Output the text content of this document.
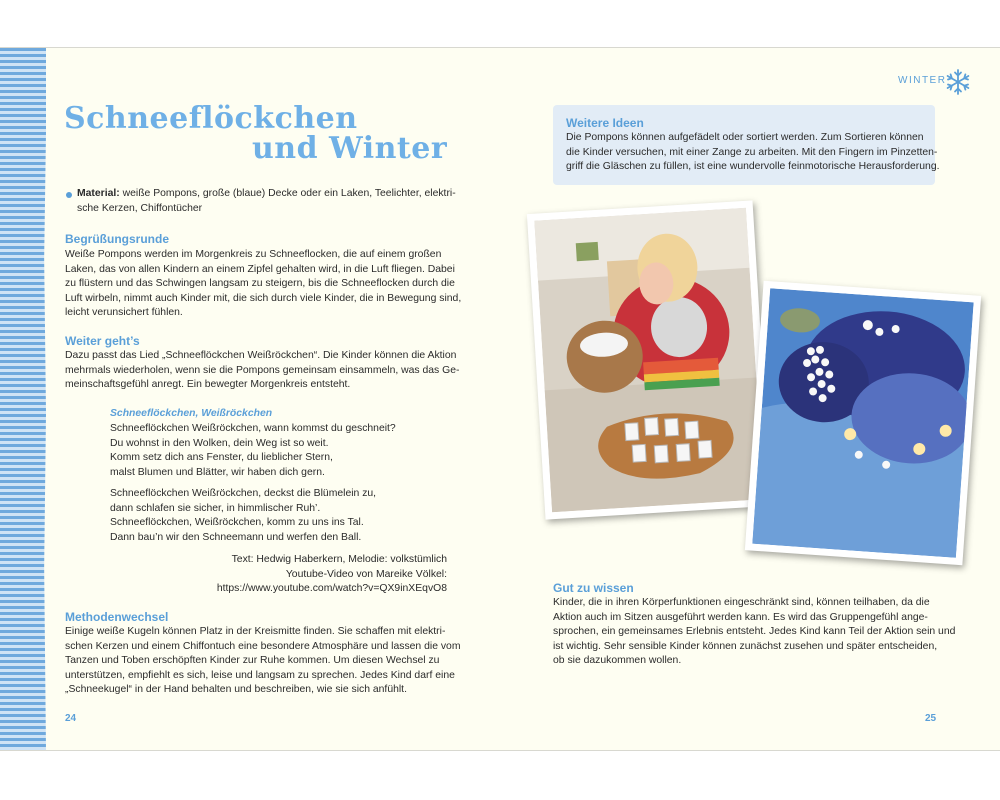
Schneeflöckchen
und Winter

Material: weiße Pompons, große (blaue) Decke oder ein Laken, Teelichter, elektri-

sche Kerzen, Chiffontücher

Begrüßungsrunde

Weiße Pompons werden im Morgenkreis zu Schneeflocken, die auf einem großen

Laken, das von allen Kindern an einem Zipfel gehalten wird, in die Luft fliegen. Dabei

zu flüstern und das Schwingen langsam zu steigern, bis die Schneeflocken durch die

Luft wirbeln, nimmt auch Kinder mit, die sich durch viele Kinder, die in Bewegung sind,

leicht verunsichert fühlen.

Weiter geht’s

Dazu passt das Lied „Schneeflöckchen Weißröckchen“. Die Kinder können die Aktion

mehrmals wiederholen, wenn sie die Pompons gemeinsam einsammeln, was das Ge-

meinschaftsgefühl anregt. Ein bewegter Morgenkreis entsteht.

Schneeflöckchen, Weißröckchen

Schneeflöckchen Weißröckchen, wann kommst du geschneit?

Du wohnst in den Wolken, dein Weg ist so weit.

Komm setz dich ans Fenster, du lieblicher Stern,

malst Blumen und Blätter, wir haben dich gern.

Schneeflöckchen Weißröckchen, deckst die Blümelein zu,

dann schlafen sie sicher, in himmlischer Ruh’.

Schneeflöckchen, Weißröckchen, komm zu uns ins Tal.

Dann bau’n wir den Schneemann und werfen den Ball.

Text: Hedwig Haberkern, Melodie: volkstümlich

Youtube-Video von Mareike Völkel:

https://www.youtube.com/watch?v=QX9inXEqvO8

Methodenwechsel

Einige weiße Kugeln können Platz in der Kreismitte finden. Sie schaffen mit elektri-

schen Kerzen und einem Chiffontuch eine besondere Atmosphäre und lassen die vom

Tanzen und Toben erschöpften Kinder zur Ruhe kommen. Um diesen Wechsel zu

unterstützen, empfiehlt es sich, leise und langsam zu sprechen. Jedes Kind darf eine

„Schneekugel“ in der Hand behalten und beschreiben, wie sie sich anfühlt.

24
WINTER
Weitere Ideen

Die Pompons können aufgefädelt oder sortiert werden. Zum Sortieren können

die Kinder versuchen, mit einer Zange zu arbeiten. Mit den Fingern im Pinzetten-

griff die Gläschen zu füllen, ist eine wundervolle feinmotorische Herausforderung.

Gut zu wissen

Kinder, die in ihren Körperfunktionen eingeschränkt sind, können teilhaben, da die

Aktion auch im Sitzen ausgeführt werden kann. Es wird das Gruppengefühl ange-

sprochen, ein gemeinsames Erlebnis entsteht. Jedes Kind kann Teil der Aktion sein und

ist wichtig. Sehr sensible Kinder können zunächst zusehen und später entscheiden,

ob sie dazukommen wollen.

25
